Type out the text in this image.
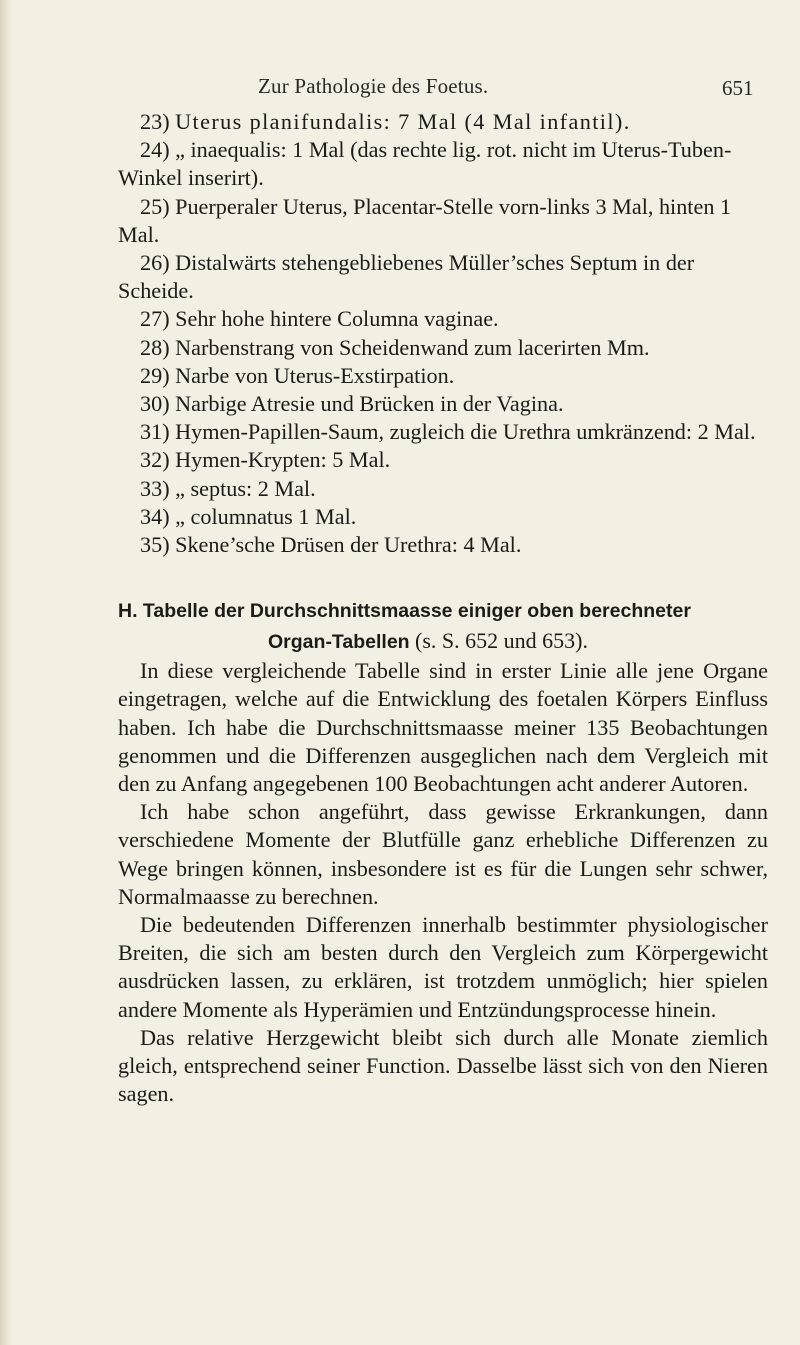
Zur Pathologie des Foetus.	651

23) Uterus planifundalis: 7 Mal (4 Mal infantil).

24) „ inaequalis: 1 Mal (das rechte lig. rot. nicht im Uterus-Tuben-Winkel inserirt).

25) Puerperaler Uterus, Placentar-Stelle vorn-links 3 Mal, hinten 1 Mal.

26) Distalwärts stehengebliebenes Müller’sches Septum in der Scheide.

27) Sehr hohe hintere Columna vaginae.

28) Narbenstrang von Scheidenwand zum lacerirten Mm.

29) Narbe von Uterus-Exstirpation.

30) Narbige Atresie und Brücken in der Vagina.

31) Hymen-Papillen-Saum, zugleich die Urethra umkränzend: 2 Mal.

32) Hymen-Krypten: 5 Mal.

33) „ septus: 2 Mal.

34) „ columnatus 1 Mal.

35) Skene’sche Drüsen der Urethra: 4 Mal.

H. Tabelle der Durchschnittsmaasse einiger oben berechneter
Organ-Tabellen (s. S. 652 und 653).

In diese vergleichende Tabelle sind in erster Linie alle jene Organe eingetragen, welche auf die Entwicklung des foetalen Körpers Einfluss haben. Ich habe die Durchschnittsmaasse meiner 135 Beobachtungen genommen und die Differenzen ausgeglichen nach dem Vergleich mit den zu Anfang angegebenen 100 Beobachtungen acht anderer Autoren.

Ich habe schon angeführt, dass gewisse Erkrankungen, dann verschiedene Momente der Blutfülle ganz erhebliche Differenzen zu Wege bringen können, insbesondere ist es für die Lungen sehr schwer, Normalmaasse zu berechnen.

Die bedeutenden Differenzen innerhalb bestimmter physiologischer Breiten, die sich am besten durch den Vergleich zum Körpergewicht ausdrücken lassen, zu erklären, ist trotzdem unmöglich; hier spielen andere Momente als Hyperämien und Entzündungsprocesse hinein.

Das relative Herzgewicht bleibt sich durch alle Monate ziemlich gleich, entsprechend seiner Function. Dasselbe lässt sich von den Nieren sagen.
